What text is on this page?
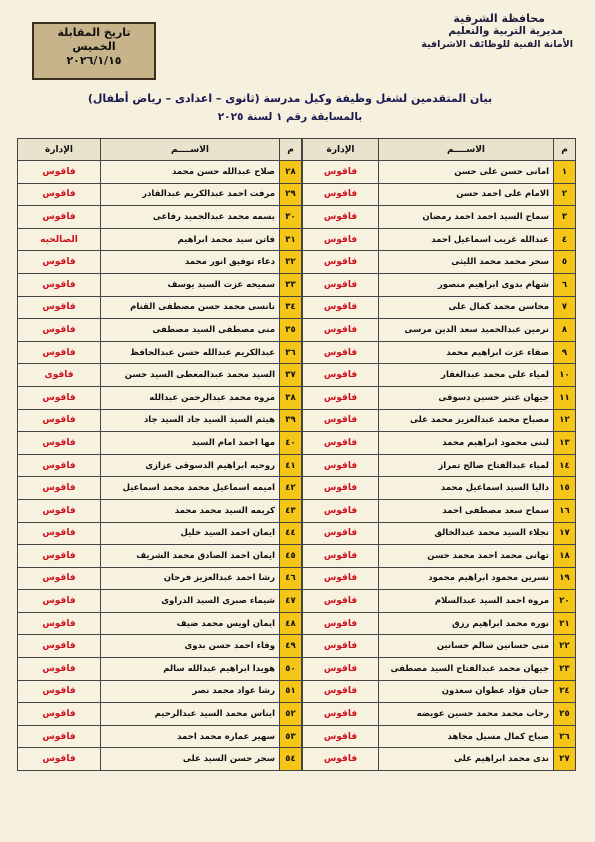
محافظة الشرقية
مديرية التربية والتعليم
الأمانة الفنية للوظائف الاشرافية
تاريخ المقابلة
الخميس
٢٠٢٦/١/١٥
بيان المتقدمين لشغل وظيفة وكيل مدرسة (ثانوى – اعدادى – رياض أطفال)
بالمسابقة رقم ١ لسنة ٢٠٢٥
م	الاســــم	الإدارة
١	امانى حسن على حسن	فاقوس
٢	الامام على احمد حسن	فاقوس
٣	سماح السيد احمد احمد رمضان	فاقوس
٤	عبدالله غريب اسماعيل احمد	فاقوس
٥	سحر محمد محمد الليثى	فاقوس
٦	شهام بدوى ابراهيم منصور	فاقوس
٧	محاسن محمد كمال على	فاقوس
٨	نرمين عبدالحميد سعد الدين مرسى	فاقوس
٩	صفاء عزت ابراهيم محمد	فاقوس
١٠	لمياء على محمد عبدالغفار	فاقوس
١١	جيهان عنتر حسين دسوقى	فاقوس
١٢	مصباح محمد عبدالعزيز محمد على	فاقوس
١٣	لبنى محمود ابراهيم محمد	فاقوس
١٤	لمياء عبدالفتاح صالح تمراز	فاقوس
١٥	داليا السيد اسماعيل محمد	فاقوس
١٦	سماح سعد مصطفى احمد	فاقوس
١٧	نجلاء السيد محمد عبدالخالق	فاقوس
١٨	تهانى محمد احمد محمد حسن	فاقوس
١٩	نسرين محمود ابراهيم محمود	فاقوس
٢٠	مروه احمد السيد عبدالسلام	فاقوس
٢١	نوره محمد ابراهيم رزق	فاقوس
٢٢	منى حسانين سالم حسانين	فاقوس
٢٣	جيهان محمد عبدالفتاح السيد مصطفى	فاقوس
٢٤	حنان فؤاد عطوان سعدون	فاقوس
٢٥	رحاب محمد محمد حسين عويضه	فاقوس
٢٦	صباح كمال مسيل مجاهد	فاقوس
٢٧	ندى محمد ابراهيم على	فاقوس
م	الاســــم	الإدارة
٢٨	صلاح عبدالله حسن محمد	فاقوس
٢٩	مرفت احمد عبدالكريم عبدالقادر	فاقوس
٣٠	بسمه محمد عبدالحميد رفاعى	فاقوس
٣١	فاتن سيد محمد ابراهيم	الصالحيه
٣٢	دعاء توفيق انور محمد	فاقوس
٣٣	سميحه عزت السيد يوسف	فاقوس
٣٤	نانسى محمد حسن مصطفى القنام	فاقوس
٣٥	منى مصطفى السيد مصطفى	فاقوس
٣٦	عبدالكريم عبدالله حسن عبدالحافظ	فاقوس
٣٧	السيد محمد عبدالمعطى السيد حسن	فاقوى
٣٨	مروه محمد عبدالرحمن عبدالله	فاقوس
٣٩	هيثم السيد السيد جاد السيد جاد	فاقوس
٤٠	مها احمد امام السيد	فاقوس
٤١	روحيه ابراهيم الدسوقى عزازى	فاقوس
٤٢	اميمه اسماعيل محمد محمد اسماعيل	فاقوس
٤٣	كريمه السيد محمد محمد	فاقوس
٤٤	ايمان احمد السيد خليل	فاقوس
٤٥	ايمان احمد الصادق محمد الشريف	فاقوس
٤٦	رشا احمد عبدالعزيز فرحان	فاقوس
٤٧	شيماء صبرى السيد الدراوى	فاقوس
٤٨	ايمان اويس محمد ضيف	فاقوس
٤٩	وفاء احمد حسن بدوى	فاقوس
٥٠	هويدا ابراهيم عبدالله سالم	فاقوس
٥١	رشا عواد محمد نصر	فاقوس
٥٢	ايناس محمد السيد عبدالرحيم	فاقوس
٥٣	سهير عماره محمد احمد	فاقوس
٥٤	سحر حسن السيد على	فاقوس
